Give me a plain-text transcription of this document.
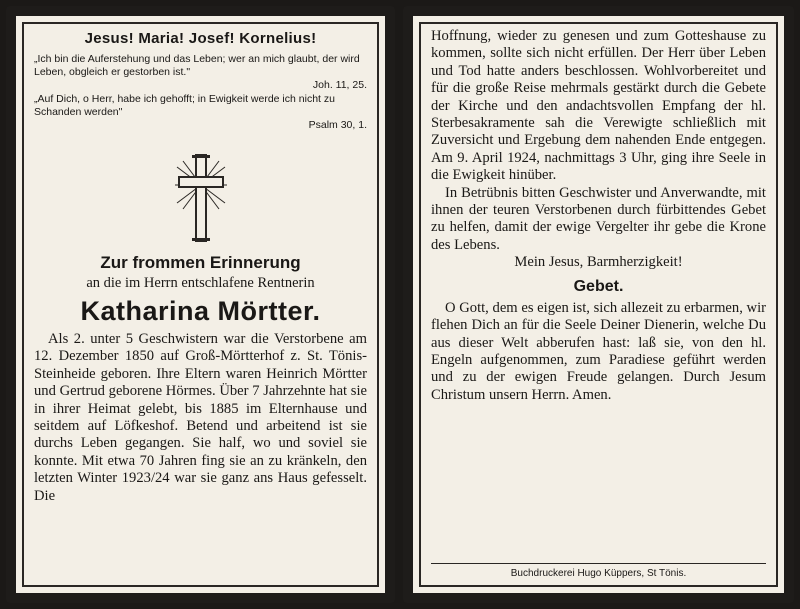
Jesus! Maria! Josef! Kornelius!
„Ich bin die Auferstehung und das Leben; wer an mich glaubt, der wird Leben, obgleich er gestorben ist."
Joh. 11, 25.
„Auf Dich, o Herr, habe ich gehofft; in Ewigkeit werde ich nicht zu Schanden werden"
Psalm 30, 1.
Zur frommen Erinnerung
an die im Herrn entschlafene Rentnerin
Katharina Mörtter.

Als 2. unter 5 Geschwistern war die Verstorbene am 12. Dezember 1850 auf Groß-Mörtterhof z. St. Tönis-Steinheide geboren. Ihre Eltern waren Heinrich Mörtter und Gertrud geborene Hörmes. Über 7 Jahrzehnte hat sie in ihrer Heimat gelebt, bis 1885 im Elternhause und seitdem auf Löfkeshof. Betend und arbeitend ist sie durchs Leben gegangen. Sie half, wo und soviel sie konnte. Mit etwa 70 Jahren fing sie an zu kränkeln, den letzten Winter 1923/24 war sie ganz ans Haus gefesselt. Die

Hoffnung, wieder zu genesen und zum Gotteshause zu kommen, sollte sich nicht erfüllen. Der Herr über Leben und Tod hatte anders beschlossen. Wohlvorbereitet und für die große Reise mehrmals gestärkt durch die Gebete der Kirche und den andachtsvollen Empfang der hl. Sterbesakramente sah die Verewigte schließlich mit Zuversicht und Ergebung dem nahenden Ende entgegen. Am 9. April 1924, nachmittags 3 Uhr, ging ihre Seele in die Ewigkeit hinüber.

In Betrübnis bitten Geschwister und Anverwandte, mit ihnen der teuren Verstorbenen durch fürbittendes Gebet zu helfen, damit der ewige Vergelter ihr gebe die Krone des Lebens.

Mein Jesus, Barmherzigkeit!

Gebet.

O Gott, dem es eigen ist, sich allezeit zu erbarmen, wir flehen Dich an für die Seele Deiner Dienerin, welche Du aus dieser Welt abberufen hast: laß sie, von den hl. Engeln aufgenommen, zum Paradiese geführt werden und zu der ewigen Freude gelangen. Durch Jesum Christum unsern Herrn. Amen.

Buchdruckerei Hugo Küppers, St Tönis.
